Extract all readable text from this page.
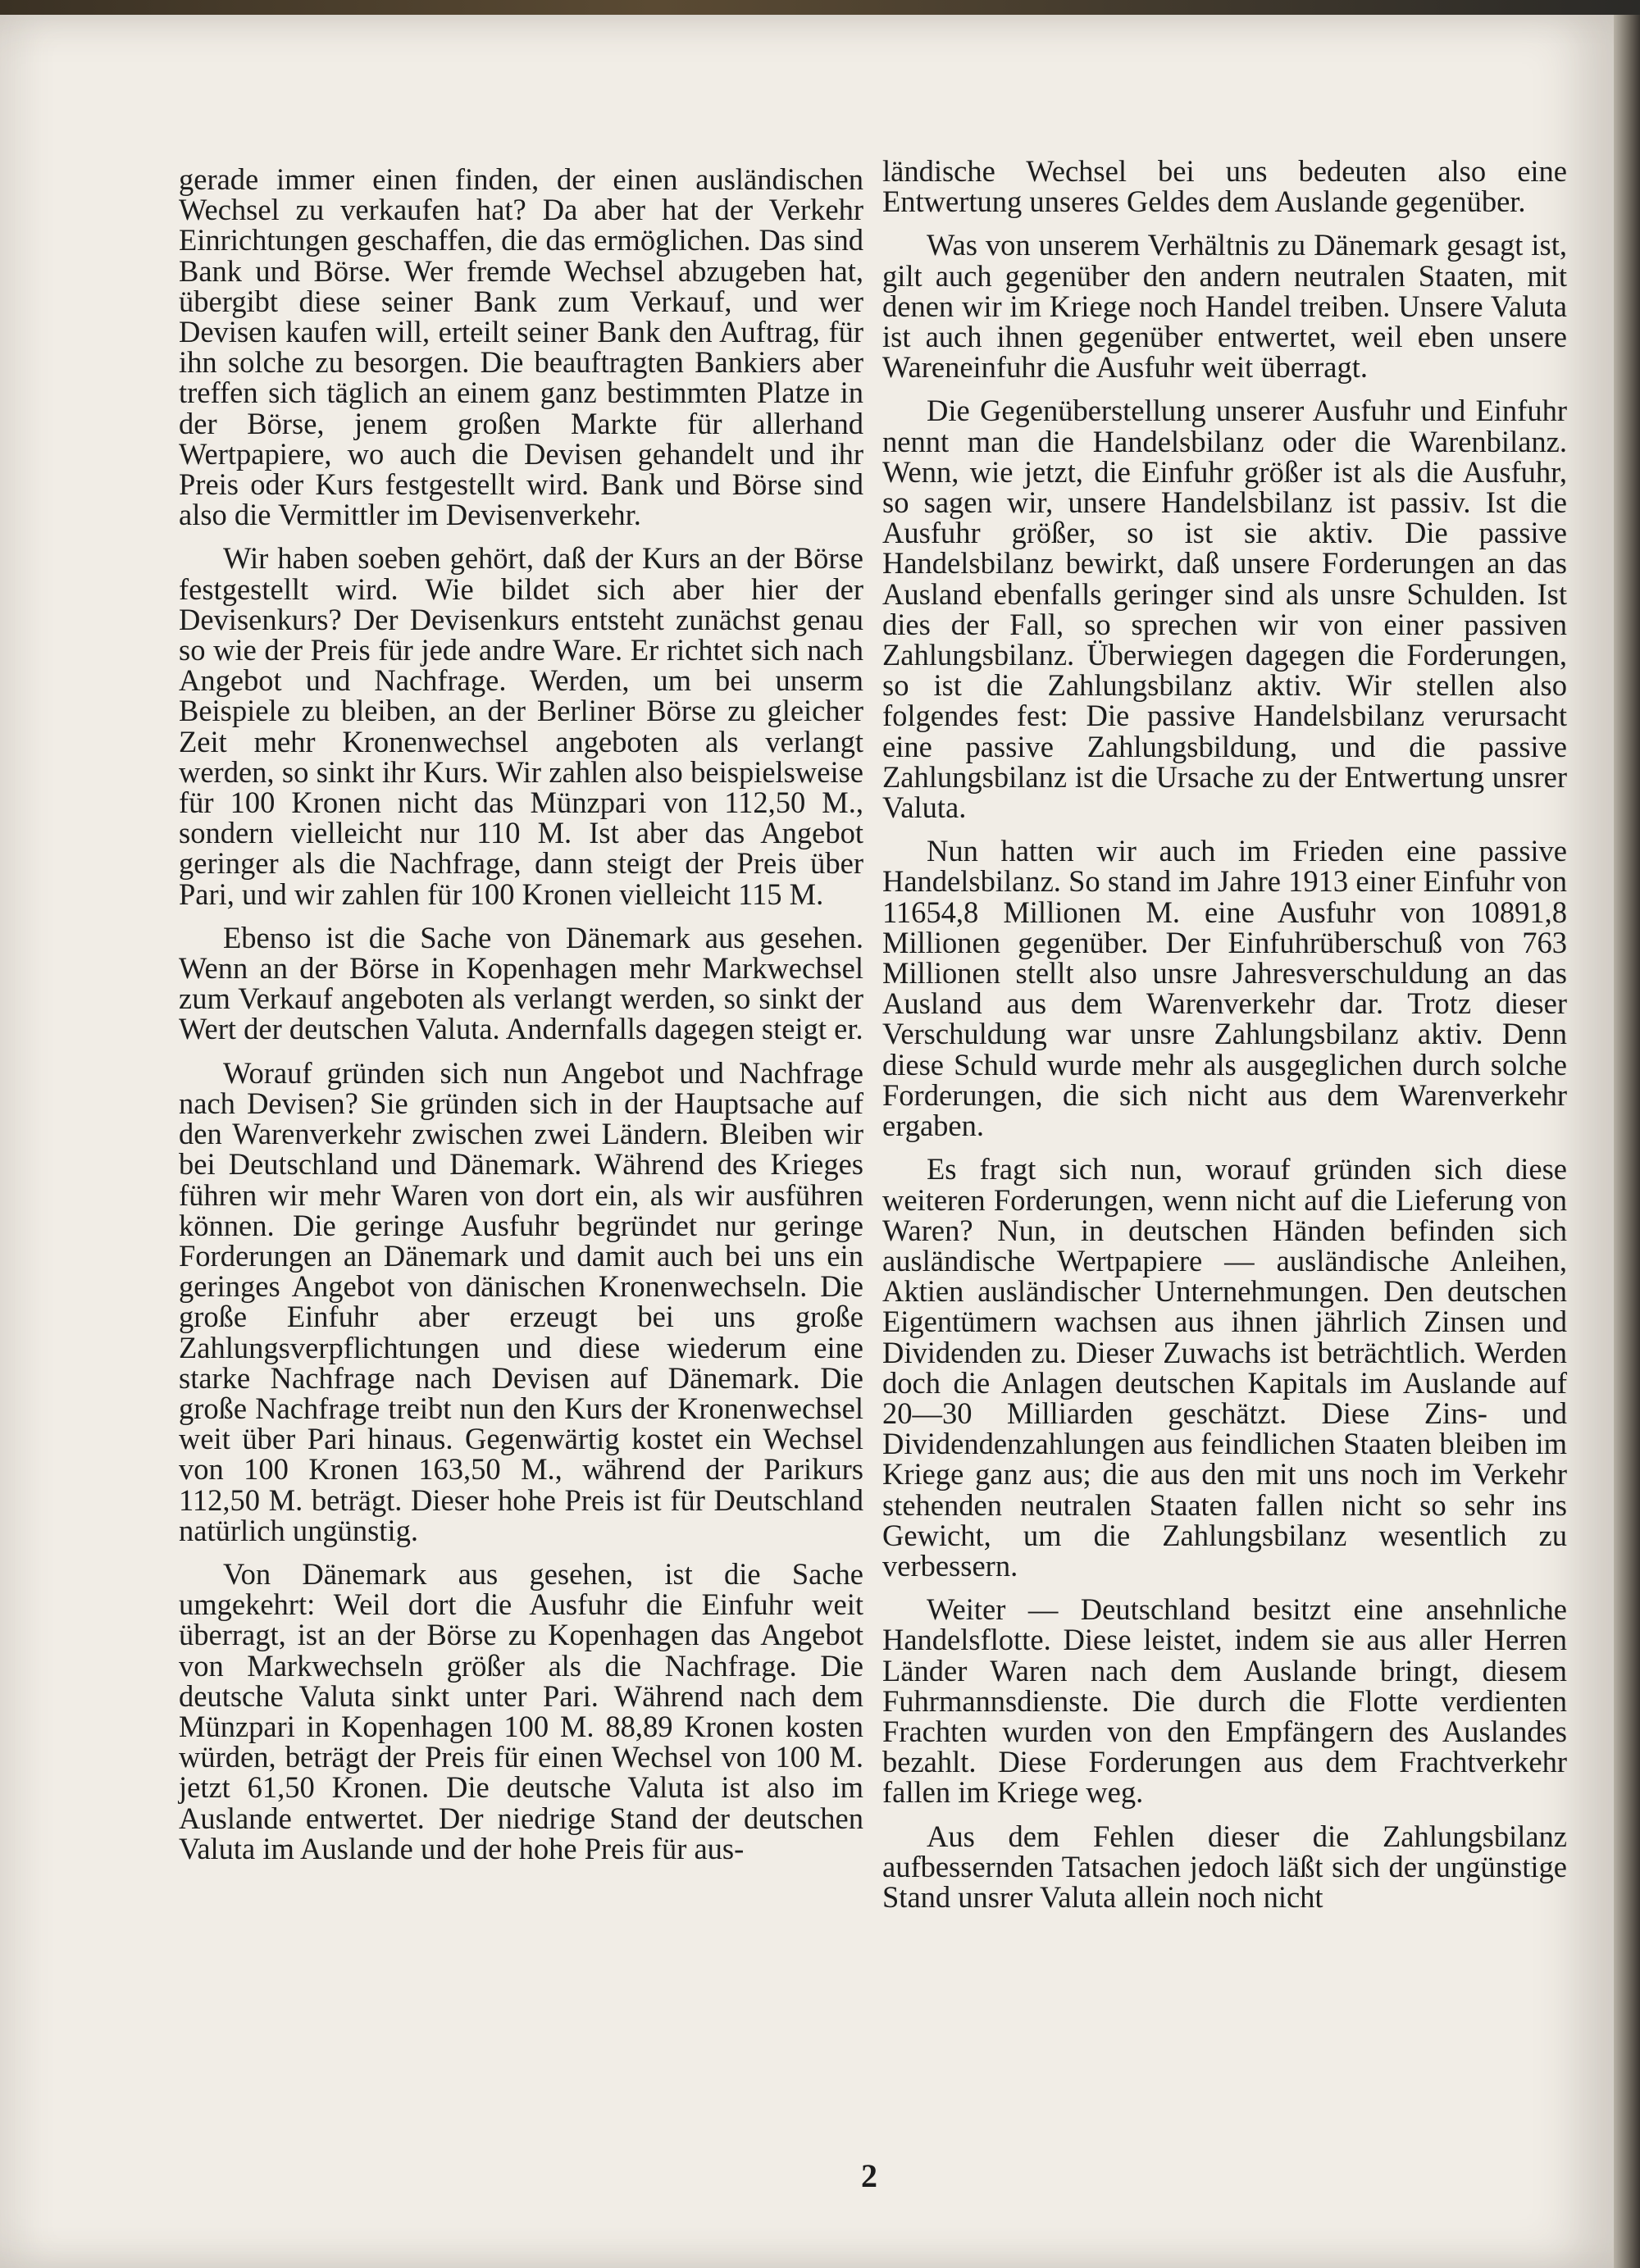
gerade immer einen finden, der einen ausländischen Wechsel zu verkaufen hat? Da aber hat der Verkehr Einrichtungen geschaffen, die das ermöglichen. Das sind Bank und Börse. Wer fremde Wechsel abzugeben hat, übergibt diese seiner Bank zum Verkauf, und wer Devisen kaufen will, erteilt seiner Bank den Auftrag, für ihn solche zu besorgen. Die beauftragten Bankiers aber treffen sich täglich an einem ganz bestimmten Platze in der Börse, jenem großen Markte für allerhand Wertpapiere, wo auch die Devisen gehandelt und ihr Preis oder Kurs festgestellt wird. Bank und Börse sind also die Vermittler im Devisenverkehr.

Wir haben soeben gehört, daß der Kurs an der Börse festgestellt wird. Wie bildet sich aber hier der Devisenkurs? Der Devisenkurs entsteht zunächst genau so wie der Preis für jede andre Ware. Er richtet sich nach Angebot und Nachfrage. Werden, um bei unserm Beispiele zu bleiben, an der Berliner Börse zu gleicher Zeit mehr Kronenwechsel angeboten als verlangt werden, so sinkt ihr Kurs. Wir zahlen also beispielsweise für 100 Kronen nicht das Münzpari von 112,50 M., sondern vielleicht nur 110 M. Ist aber das Angebot geringer als die Nachfrage, dann steigt der Preis über Pari, und wir zahlen für 100 Kronen vielleicht 115 M.

Ebenso ist die Sache von Dänemark aus gesehen. Wenn an der Börse in Kopenhagen mehr Markwechsel zum Verkauf angeboten als verlangt werden, so sinkt der Wert der deutschen Valuta. Andernfalls dagegen steigt er.

Worauf gründen sich nun Angebot und Nachfrage nach Devisen? Sie gründen sich in der Hauptsache auf den Warenverkehr zwischen zwei Ländern. Bleiben wir bei Deutschland und Dänemark. Während des Krieges führen wir mehr Waren von dort ein, als wir ausführen können. Die geringe Ausfuhr begründet nur geringe Forderungen an Dänemark und damit auch bei uns ein geringes Angebot von dänischen Kronenwechseln. Die große Einfuhr aber erzeugt bei uns große Zahlungsverpflichtungen und diese wiederum eine starke Nachfrage nach Devisen auf Dänemark. Die große Nachfrage treibt nun den Kurs der Kronenwechsel weit über Pari hinaus. Gegenwärtig kostet ein Wechsel von 100 Kronen 163,50 M., während der Parikurs 112,50 M. beträgt. Dieser hohe Preis ist für Deutschland natürlich ungünstig.

Von Dänemark aus gesehen, ist die Sache umgekehrt: Weil dort die Ausfuhr die Einfuhr weit überragt, ist an der Börse zu Kopenhagen das Angebot von Markwechseln größer als die Nachfrage. Die deutsche Valuta sinkt unter Pari. Während nach dem Münzpari in Kopenhagen 100 M. 88,89 Kronen kosten würden, beträgt der Preis für einen Wechsel von 100 M. jetzt 61,50 Kronen. Die deutsche Valuta ist also im Auslande entwertet. Der niedrige Stand der deutschen Valuta im Auslande und der hohe Preis für aus-

ländische Wechsel bei uns bedeuten also eine Entwertung unseres Geldes dem Auslande gegenüber.

Was von unserem Verhältnis zu Dänemark gesagt ist, gilt auch gegenüber den andern neutralen Staaten, mit denen wir im Kriege noch Handel treiben. Unsere Valuta ist auch ihnen gegenüber entwertet, weil eben unsere Wareneinfuhr die Ausfuhr weit überragt.

Die Gegenüberstellung unserer Ausfuhr und Einfuhr nennt man die Handelsbilanz oder die Warenbilanz. Wenn, wie jetzt, die Einfuhr größer ist als die Ausfuhr, so sagen wir, unsere Handelsbilanz ist passiv. Ist die Ausfuhr größer, so ist sie aktiv. Die passive Handelsbilanz bewirkt, daß unsere Forderungen an das Ausland ebenfalls geringer sind als unsre Schulden. Ist dies der Fall, so sprechen wir von einer passiven Zahlungsbilanz. Überwiegen dagegen die Forderungen, so ist die Zahlungsbilanz aktiv. Wir stellen also folgendes fest: Die passive Handelsbilanz verursacht eine passive Zahlungsbildung, und die passive Zahlungsbilanz ist die Ursache zu der Entwertung unsrer Valuta.

Nun hatten wir auch im Frieden eine passive Handelsbilanz. So stand im Jahre 1913 einer Einfuhr von 11654,8 Millionen M. eine Ausfuhr von 10891,8 Millionen gegenüber. Der Einfuhrüberschuß von 763 Millionen stellt also unsre Jahresverschuldung an das Ausland aus dem Warenverkehr dar. Trotz dieser Verschuldung war unsre Zahlungsbilanz aktiv. Denn diese Schuld wurde mehr als ausgeglichen durch solche Forderungen, die sich nicht aus dem Warenverkehr ergaben.

Es fragt sich nun, worauf gründen sich diese weiteren Forderungen, wenn nicht auf die Lieferung von Waren? Nun, in deutschen Händen befinden sich ausländische Wertpapiere — ausländische Anleihen, Aktien ausländischer Unternehmungen. Den deutschen Eigentümern wachsen aus ihnen jährlich Zinsen und Dividenden zu. Dieser Zuwachs ist beträchtlich. Werden doch die Anlagen deutschen Kapitals im Auslande auf 20—30 Milliarden geschätzt. Diese Zins- und Dividendenzahlungen aus feindlichen Staaten bleiben im Kriege ganz aus; die aus den mit uns noch im Verkehr stehenden neutralen Staaten fallen nicht so sehr ins Gewicht, um die Zahlungsbilanz wesentlich zu verbessern.

Weiter — Deutschland besitzt eine ansehnliche Handelsflotte. Diese leistet, indem sie aus aller Herren Länder Waren nach dem Auslande bringt, diesem Fuhrmannsdienste. Die durch die Flotte verdienten Frachten wurden von den Empfängern des Auslandes bezahlt. Diese Forderungen aus dem Frachtverkehr fallen im Kriege weg.

Aus dem Fehlen dieser die Zahlungsbilanz aufbessernden Tatsachen jedoch läßt sich der ungünstige Stand unsrer Valuta allein noch nicht

2
